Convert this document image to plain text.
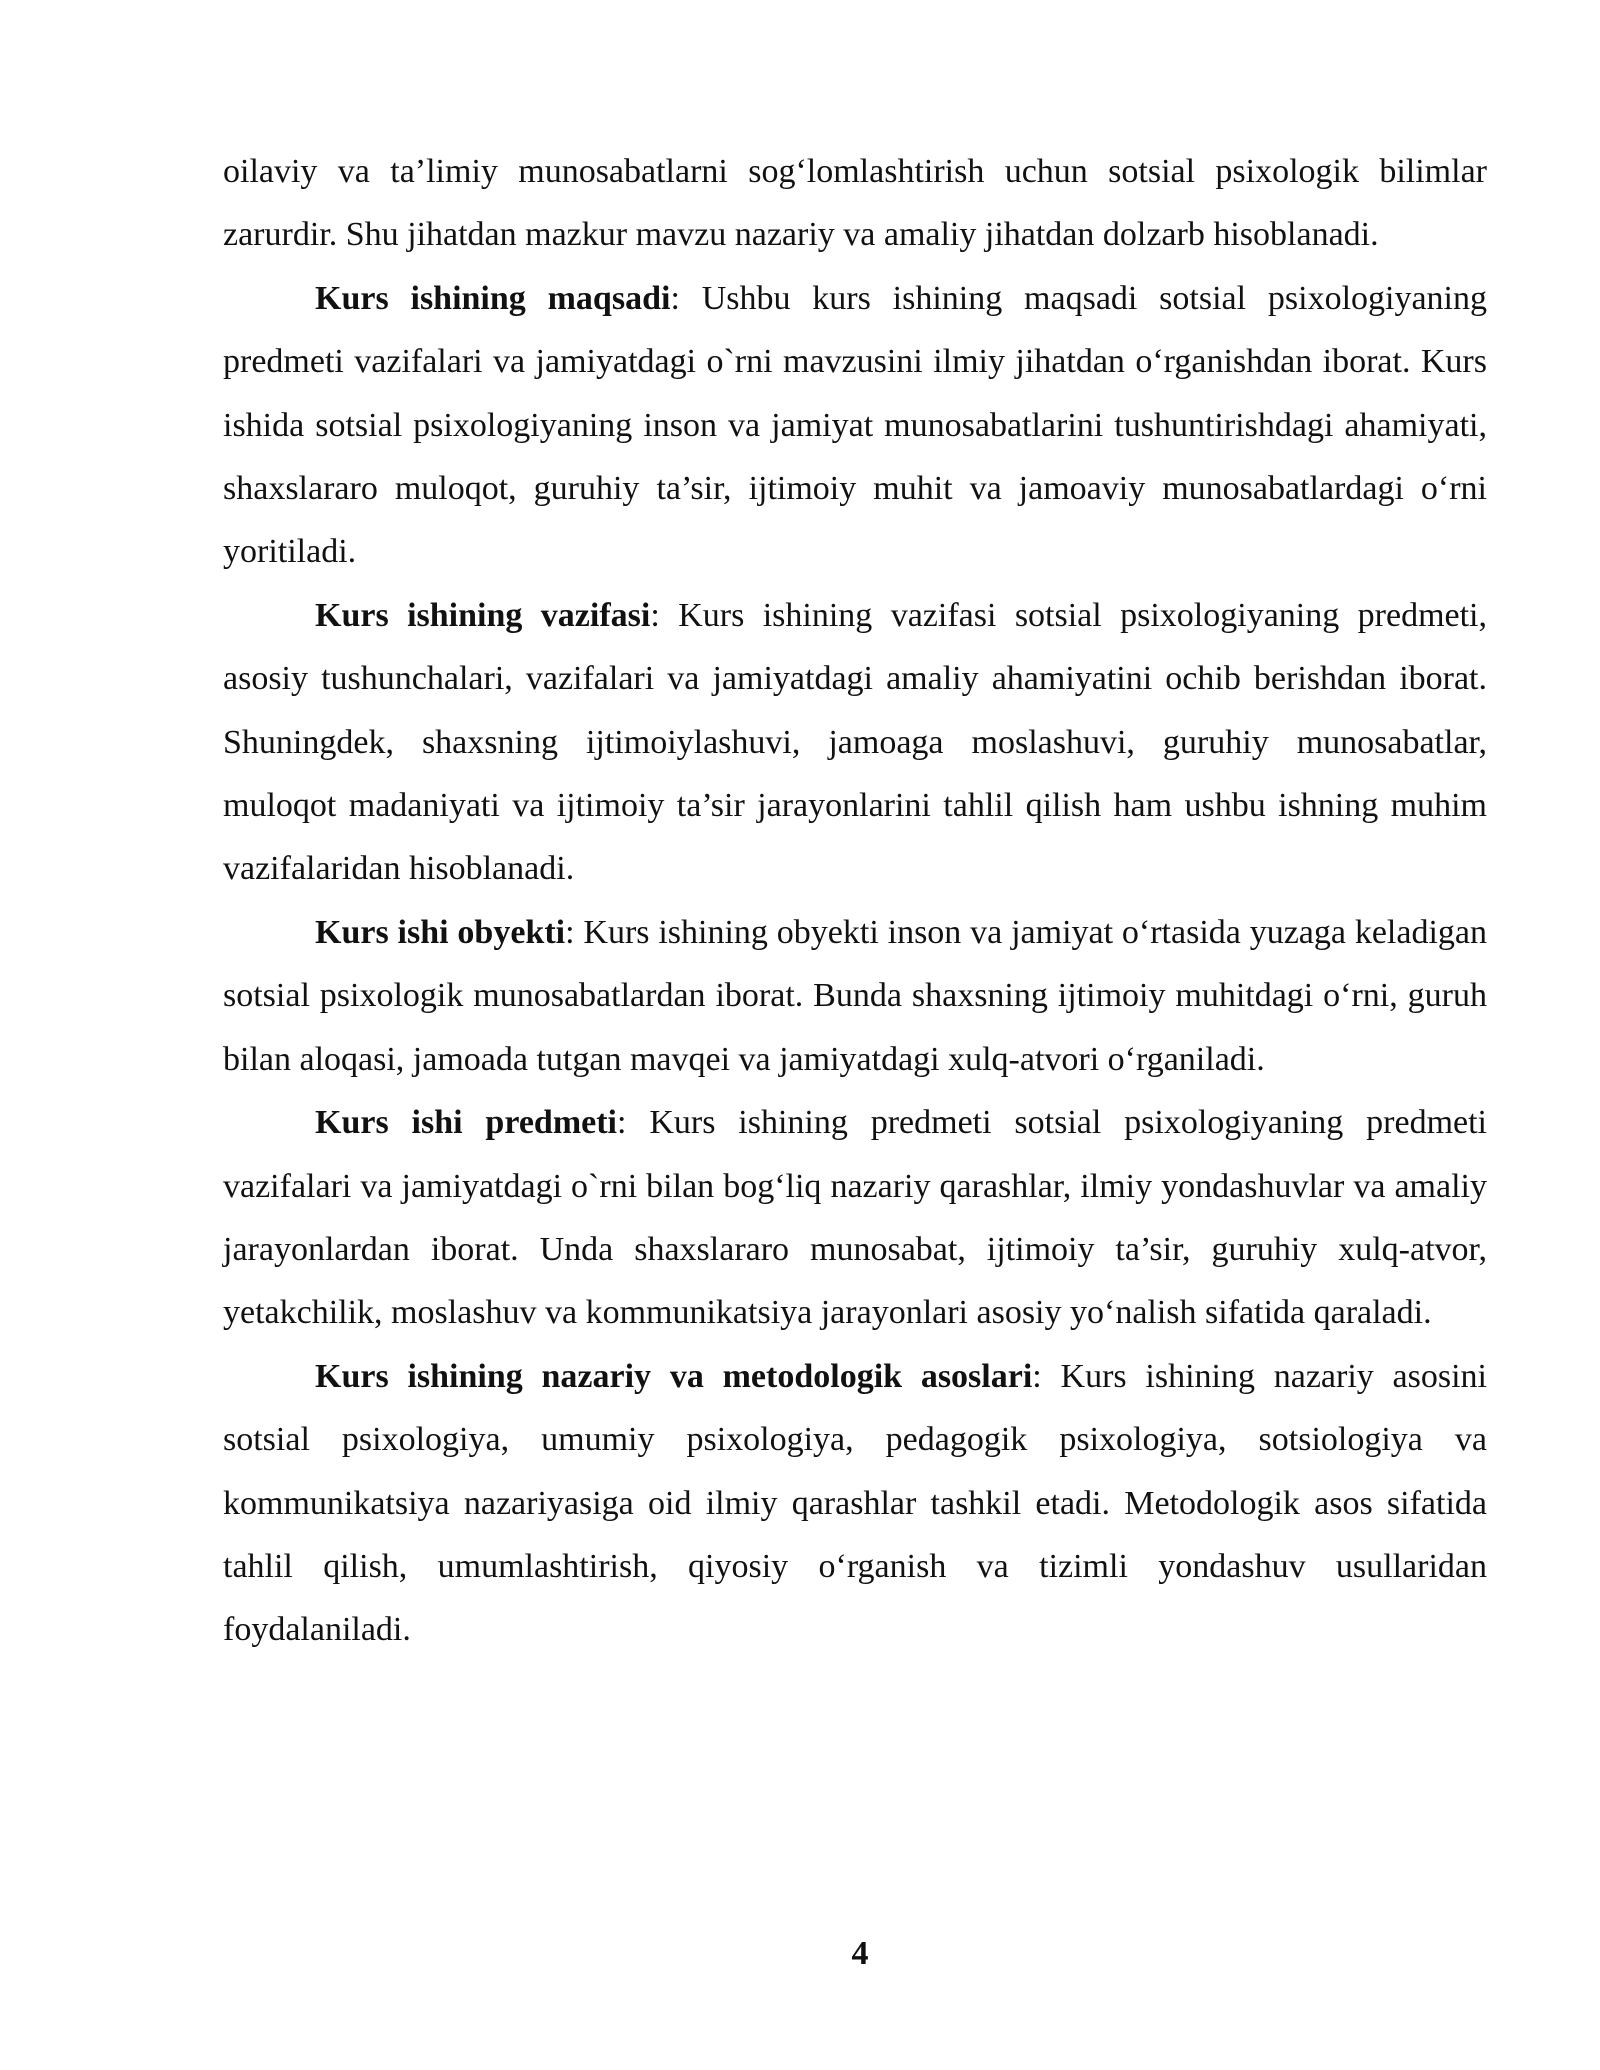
oilaviy va ta’limiy munosabatlarni sog‘lomlashtirish uchun sotsial psixologik bilimlar zarurdir. Shu jihatdan mazkur mavzu nazariy va amaliy jihatdan dolzarb hisoblanadi.

Kurs ishining maqsadi: Ushbu kurs ishining maqsadi sotsial psixologiyaning predmeti vazifalari va jamiyatdagi o`rni mavzusini ilmiy jihatdan o‘rganishdan iborat. Kurs ishida sotsial psixologiyaning inson va jamiyat munosabatlarini tushuntirishdagi ahamiyati, shaxslararo muloqot, guruhiy ta’sir, ijtimoiy muhit va jamoaviy munosabatlardagi o‘rni yoritiladi.

Kurs ishining vazifasi: Kurs ishining vazifasi sotsial psixologiyaning predmeti, asosiy tushunchalari, vazifalari va jamiyatdagi amaliy ahamiyatini ochib berishdan iborat. Shuningdek, shaxsning ijtimoiylashuvi, jamoaga moslashuvi, guruhiy munosabatlar, muloqot madaniyati va ijtimoiy ta’sir jarayonlarini tahlil qilish ham ushbu ishning muhim vazifalaridan hisoblanadi.

Kurs ishi obyekti: Kurs ishining obyekti inson va jamiyat o‘rtasida yuzaga keladigan sotsial psixologik munosabatlardan iborat. Bunda shaxsning ijtimoiy muhitdagi o‘rni, guruh bilan aloqasi, jamoada tutgan mavqei va jamiyatdagi xulq-atvori o‘rganiladi.

Kurs ishi predmeti: Kurs ishining predmeti sotsial psixologiyaning predmeti vazifalari va jamiyatdagi o`rni bilan bog‘liq nazariy qarashlar, ilmiy yondashuvlar va amaliy jarayonlardan iborat. Unda shaxslararo munosabat, ijtimoiy ta’sir, guruhiy xulq-atvor, yetakchilik, moslashuv va kommunikatsiya jarayonlari asosiy yo‘nalish sifatida qaraladi.

Kurs ishining nazariy va metodologik asoslari: Kurs ishining nazariy asosini sotsial psixologiya, umumiy psixologiya, pedagogik psixologiya, sotsiologiya va kommunikatsiya nazariyasiga oid ilmiy qarashlar tashkil etadi. Metodologik asos sifatida tahlil qilish, umumlashtirish, qiyosiy o‘rganish va tizimli yondashuv usullaridan foydalaniladi.

4
